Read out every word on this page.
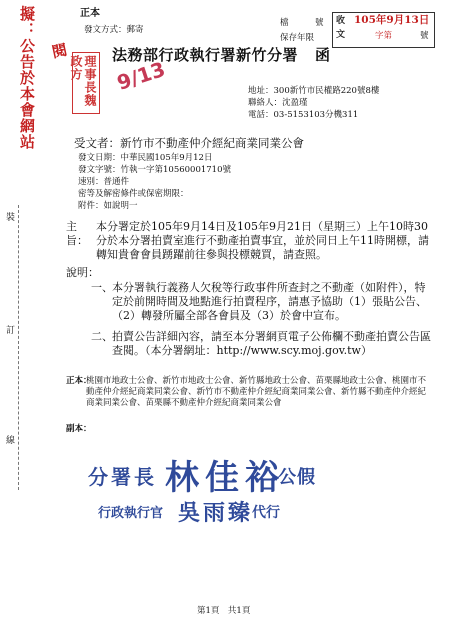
擬：公告於本會網站	正本
發文方式：郵寄
檔	號
保存年限
收文
105年9月13日
字第	號
閱
理事長魏政方	9/13
法務部行政執行署新竹分署 函
地址：300新竹市民權路220號8樓
聯絡人：沈盈瑾
電話：03-5153103分機311
受文者：新竹市不動產仲介經紀商業同業公會
發文日期：中華民國105年9月12日
發文字號：竹執一字第10560001710號
速別：普通件
密等及解密條件或保密期限：
附件：如說明一
裝
訂
線
主旨：
本分署定於105年9月14日及105年9月21日（星期三）上午10時30分於本分署拍賣室進行不動產拍賣事宜，並於同日上午11時開標，請轉知貴會會員踴躍前往參與投標競買，請查照。
說明：
一、 本分署執行義務人欠稅等行政事件所查封之不動產（如附件），特定於前開時間及地點進行拍賣程序，請惠予協助（1）張貼公告、（2）轉發所屬全部各會員及（3）於會中宣布。
二、 拍賣公告詳細內容，請至本分署網頁電子公佈欄不動產拍賣公告區查閱。（本分署網址：http://www.scy.moj.gov.tw）
正本：
桃園市地政士公會、新竹市地政士公會、新竹縣地政士公會、苗栗縣地政士公會、桃園市不動產仲介經紀商業同業公會、新竹市不動產仲介經紀商業同業公會、新竹縣不動產仲介經紀商業同業公會、苗栗縣不動產仲介經紀商業同業公會
副本：
分署長 林佳裕
公假
行政執行官 吳雨臻
代行
第1頁　共1頁
